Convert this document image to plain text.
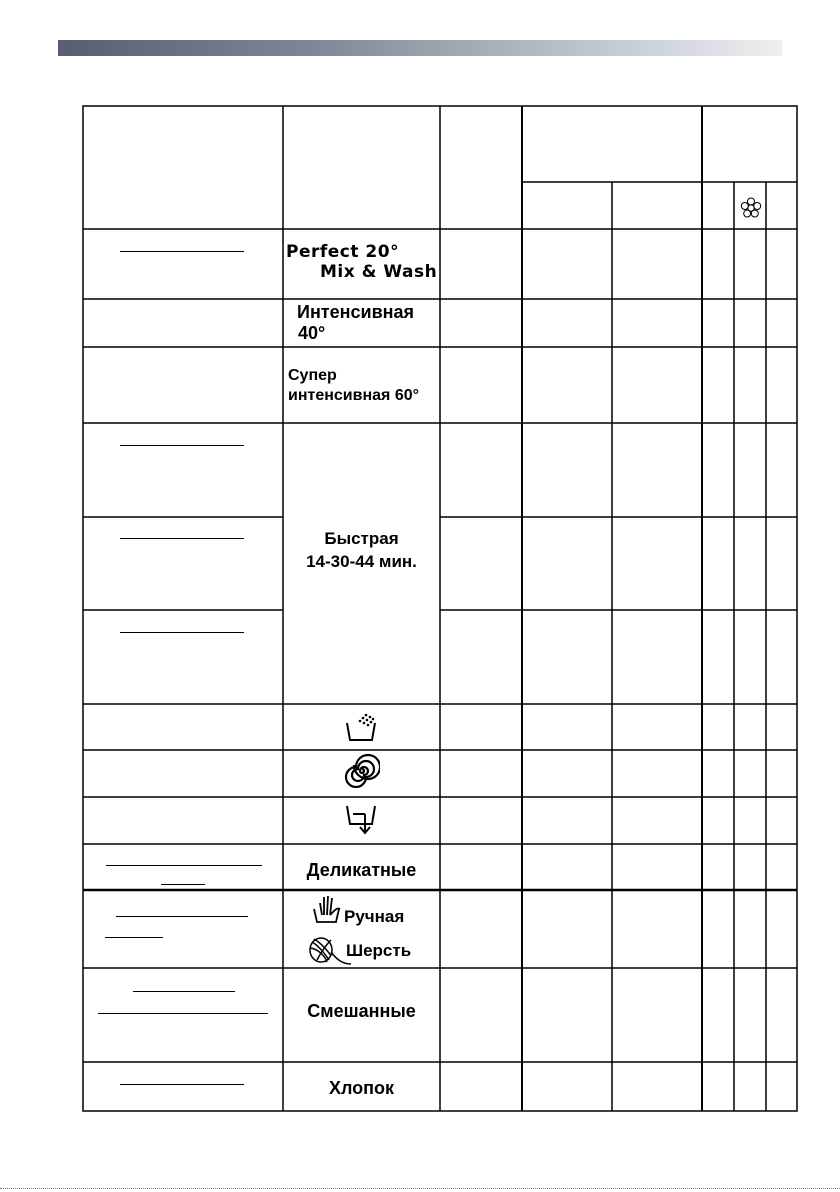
Perfect 20°
Mix & Wash
Интенсивная
40°
Супер
интенсивная 60°
Быстрая
14-30-44 мин.
Деликатные
Ручная
Шерсть
Смешанные
Хлопок
